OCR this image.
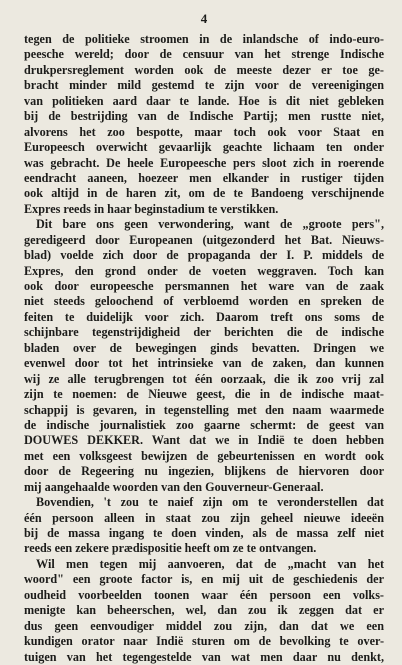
4
tegen de politieke stroomen in de inlandsche of indo-euro-
peesche wereld; door de censuur van het strenge Indische
drukpersreglement worden ook de meeste dezer er toe ge-
bracht minder mild gestemd te zijn voor de vereenigingen
van politieken aard daar te lande. Hoe is dit niet gebleken
bij de bestrijding van de Indische Partij; men rustte niet,
alvorens het zoo bespotte, maar toch ook voor Staat en
Europeesch overwicht gevaarlijk geachte lichaam ten onder
was gebracht. De heele Europeesche pers sloot zich in roerende
eendracht aaneen, hoezeer men elkander in rustiger tijden
ook altijd in de haren zit, om de te Bandoeng verschijnende
Expres reeds in haar beginstadium te verstikken.
Dit bare ons geen verwondering, want de „groote pers",
geredigeerd door Europeanen (uitgezonderd het Bat. Nieuws-
blad) voelde zich door de propaganda der I. P. middels de
Expres, den grond onder de voeten weggraven. Toch kan
ook door europeesche persmannen het ware van de zaak
niet steeds geloochend of verbloemd worden en spreken de
feiten te duidelijk voor zich. Daarom treft ons soms de
schijnbare tegenstrijdigheid der berichten die de indische
bladen over de bewegingen ginds bevatten. Dringen we
evenwel door tot het intrinsieke van de zaken, dan kunnen
wij ze alle terugbrengen tot één oorzaak, die ik zoo vrij zal
zijn te noemen: de Nieuwe geest, die in de indische maat-
schappij is gevaren, in tegenstelling met den naam waarmede
de indische journalistiek zoo gaarne schermt: de geest van
DOUWES DEKKER. Want dat we in Indië te doen hebben
met een volksgeest bewijzen de gebeurtenissen en wordt ook
door de Regeering nu ingezien, blijkens de hiervoren door
mij aangehaalde woorden van den Gouverneur-Generaal.
Bovendien, 't zou te naief zijn om te veronderstellen dat
één persoon alleen in staat zou zijn geheel nieuwe ideeën
bij de massa ingang te doen vinden, als de massa zelf niet
reeds een zekere prædispositie heeft om ze te ontvangen.
Wil men tegen mij aanvoeren, dat de „macht van het
woord" een groote factor is, en mij uit de geschiedenis der
oudheid voorbeelden toonen waar één persoon een volks-
menigte kan beheerschen, wel, dan zou ik zeggen dat er
dus geen eenvoudiger middel zou zijn, dan dat we een
kundigen orator naar Indië sturen om de bevolking te over-
tuigen van het tegengestelde van wat men daar nu denkt,
